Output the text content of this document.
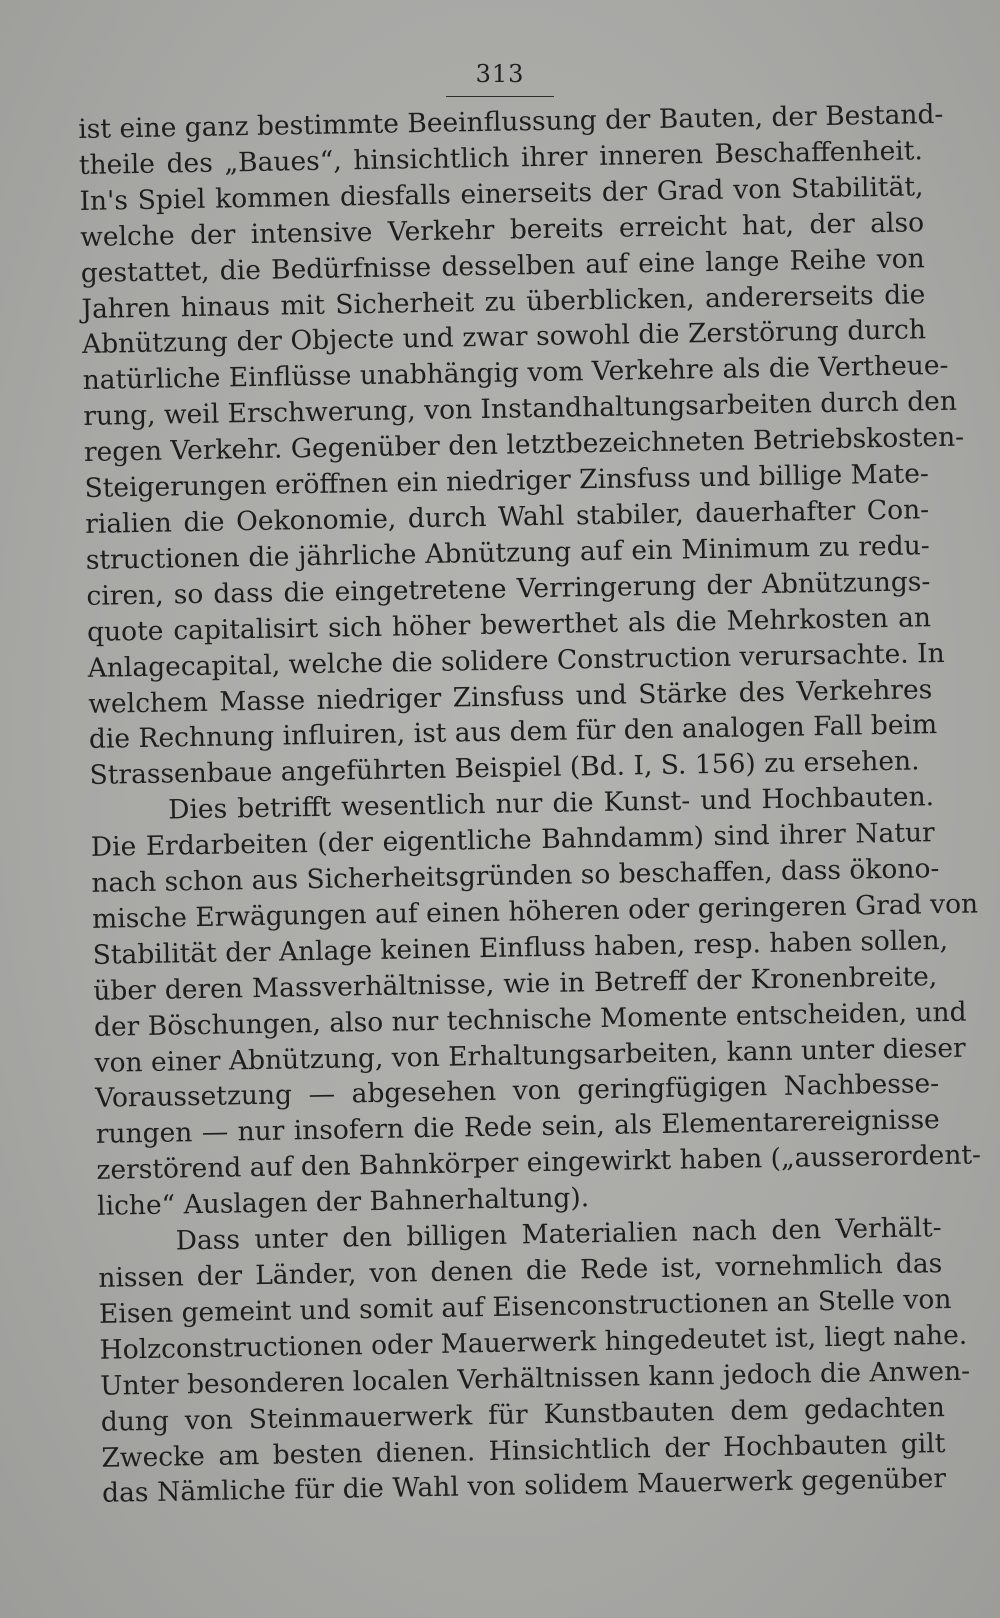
313

ist eine ganz bestimmte Beeinflussung der Bauten, der Bestand-
theile des „Baues“, hinsichtlich ihrer inneren Beschaffenheit.
In's Spiel kommen diesfalls einerseits der Grad von Stabilität,
welche der intensive Verkehr bereits erreicht hat, der also
gestattet, die Bedürfnisse desselben auf eine lange Reihe von
Jahren hinaus mit Sicherheit zu überblicken, andererseits die
Abnützung der Objecte und zwar sowohl die Zerstörung durch
natürliche Einflüsse unabhängig vom Verkehre als die Vertheue-
rung, weil Erschwerung, von Instandhaltungsarbeiten durch den
regen Verkehr. Gegenüber den letztbezeichneten Betriebskosten-
Steigerungen eröffnen ein niedriger Zinsfuss und billige Mate-
rialien die Oekonomie, durch Wahl stabiler, dauerhafter Con-
structionen die jährliche Abnützung auf ein Minimum zu redu-
ciren, so dass die eingetretene Verringerung der Abnützungs-
quote capitalisirt sich höher bewerthet als die Mehrkosten an
Anlagecapital, welche die solidere Construction verursachte. In
welchem Masse niedriger Zinsfuss und Stärke des Verkehres
die Rechnung influiren, ist aus dem für den analogen Fall beim
Strassenbaue angeführten Beispiel (Bd. I, S. 156) zu ersehen.

Dies betrifft wesentlich nur die Kunst- und Hochbauten.
Die Erdarbeiten (der eigentliche Bahndamm) sind ihrer Natur
nach schon aus Sicherheitsgründen so beschaffen, dass ökono-
mische Erwägungen auf einen höheren oder geringeren Grad von
Stabilität der Anlage keinen Einfluss haben, resp. haben sollen,
über deren Massverhältnisse, wie in Betreff der Kronenbreite,
der Böschungen, also nur technische Momente entscheiden, und
von einer Abnützung, von Erhaltungsarbeiten, kann unter dieser
Voraussetzung — abgesehen von geringfügigen Nachbesse-
rungen — nur insofern die Rede sein, als Elementarereignisse
zerstörend auf den Bahnkörper eingewirkt haben („ausserordent-
liche“ Auslagen der Bahnerhaltung).

Dass unter den billigen Materialien nach den Verhält-
nissen der Länder, von denen die Rede ist, vornehmlich das
Eisen gemeint und somit auf Eisenconstructionen an Stelle von
Holzconstructionen oder Mauerwerk hingedeutet ist, liegt nahe.
Unter besonderen localen Verhältnissen kann jedoch die Anwen-
dung von Steinmauerwerk für Kunstbauten dem gedachten
Zwecke am besten dienen. Hinsichtlich der Hochbauten gilt
das Nämliche für die Wahl von solidem Mauerwerk gegenüber
